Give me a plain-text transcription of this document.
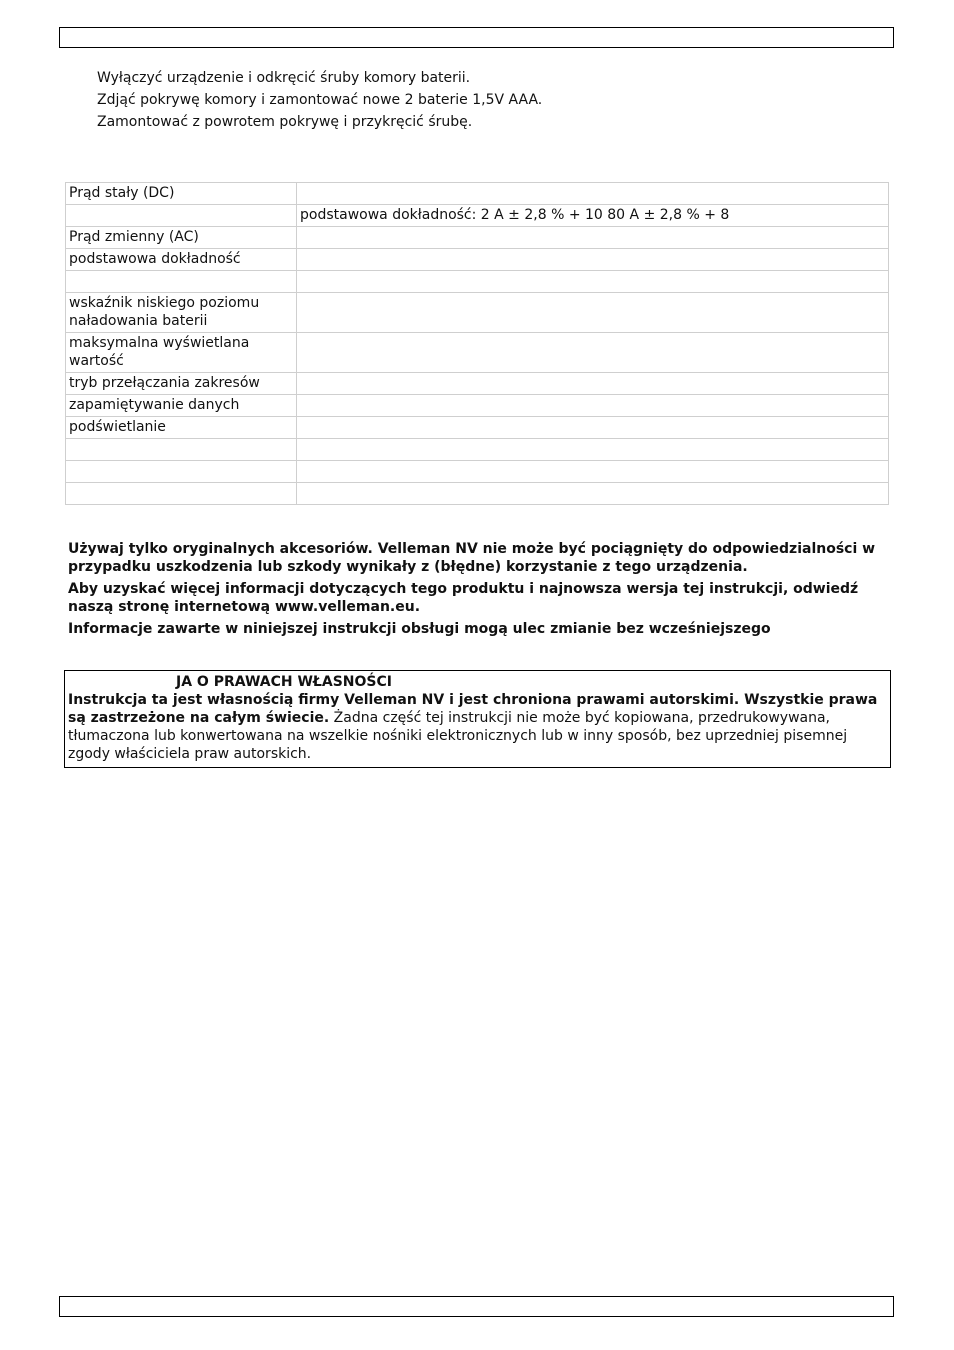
Wyłączyć urządzenie i odkręcić śruby komory baterii.
Zdjąć pokrywę komory i zamontować nowe 2 baterie 1,5V AAA.
Zamontować z powrotem pokrywę i przykręcić śrubę.
Prąd stały (DC)	
	podstawowa dokładność: 2 A ± 2,8 % + 10 80 A ± 2,8 % + 8
Prąd zmienny (AC)	
podstawowa dokładność	

wskaźnik niskiego poziomu naładowania baterii	
maksymalna wyświetlana wartość	
tryb przełączania zakresów	
zapamiętywanie danych	
podświetlanie	

Używaj tylko oryginalnych akcesoriów. Velleman NV nie może być pociągnięty do odpowiedzialności w przypadku uszkodzenia lub szkody wynikały z (błędne) korzystanie z tego urządzenia.

Aby uzyskać więcej informacji dotyczących tego produktu i najnowsza wersja tej instrukcji, odwiedź naszą stronę internetową www.velleman.eu.

Informacje zawarte w niniejszej instrukcji obsługi mogą ulec zmianie bez wcześniejszego

JA O PRAWACH WŁASNOŚCI
Instrukcja ta jest własnością firmy Velleman NV i jest chroniona prawami autorskimi. Wszystkie prawa są zastrzeżone na całym świecie. Żadna część tej instrukcji nie może być kopiowana, przedrukowywana, tłumaczona lub konwertowana na wszelkie nośniki elektronicznych lub w inny sposób, bez uprzedniej pisemnej zgody właściciela praw autorskich.
